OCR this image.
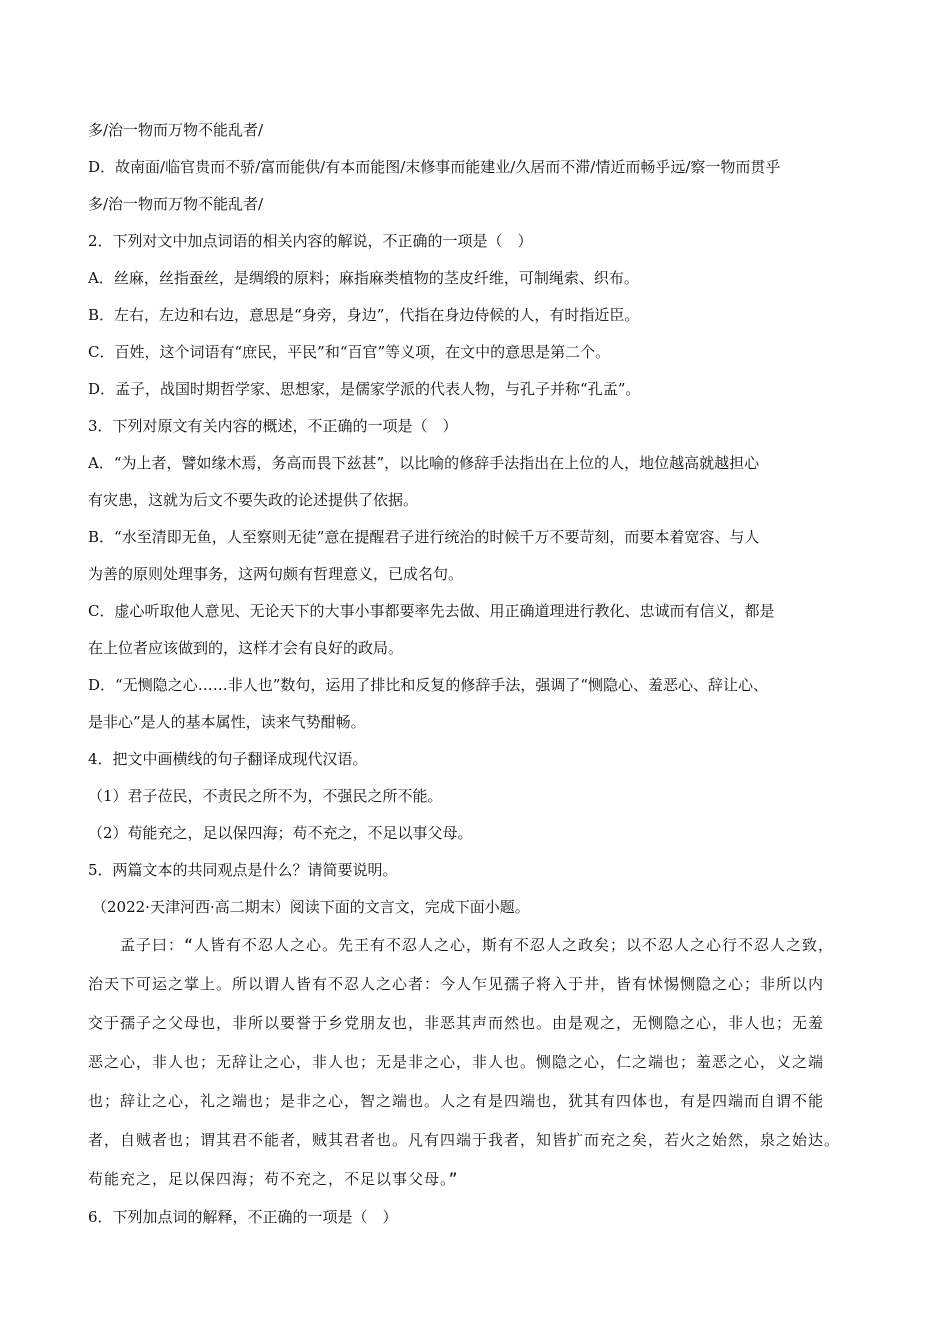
多/治一物而万物不能乱者/
D．故南面/临官贵而不骄/富而能供/有本而能图/末修事而能建业/久居而不滞/情近而畅乎远/察一物而贯乎
多/治一物而万物不能乱者/
2．下列对文中加点词语的相关内容的解说，不正确的一项是（　）
A．丝麻，丝指蚕丝，是绸缎的原料；麻指麻类植物的茎皮纤维，可制绳索、织布。
B．左右，左边和右边，意思是“身旁，身边”，代指在身边侍候的人，有时指近臣。
C．百姓，这个词语有“庶民，平民”和“百官”等义项，在文中的意思是第二个。
D．孟子，战国时期哲学家、思想家，是儒家学派的代表人物，与孔子并称“孔孟”。
3．下列对原文有关内容的概述，不正确的一项是（　）
A．“为上者，譬如缘木焉，务高而畏下兹甚”，以比喻的修辞手法指出在上位的人，地位越高就越担心
有灾患，这就为后文不要失政的论述提供了依据。
B．“水至清即无鱼，人至察则无徒”意在提醒君子进行统治的时候千万不要苛刻，而要本着宽容、与人
为善的原则处理事务，这两句颇有哲理意义，已成名句。
C．虚心听取他人意见、无论天下的大事小事都要率先去做、用正确道理进行教化、忠诚而有信义，都是
在上位者应该做到的，这样才会有良好的政局。
D．“无恻隐之心……非人也”数句，运用了排比和反复的修辞手法，强调了“恻隐心、羞恶心、辞让心、
是非心”是人的基本属性，读来气势酣畅。
4．把文中画横线的句子翻译成现代汉语。
（1）君子莅民，不责民之所不为，不强民之所不能。
（2）苟能充之，足以保四海；苟不充之，不足以事父母。
5．两篇文本的共同观点是什么？请简要说明。
（2022·天津河西·高二期末）阅读下面的文言文，完成下面小题。
孟子曰：“人皆有不忍人之心。先王有不忍人之心，斯有不忍人之政矣；以不忍人之心行不忍人之致，
治天下可运之掌上。所以谓人皆有不忍人之心者：今人乍见孺子将入于井，皆有怵惕恻隐之心；非所以内
交于孺子之父母也，非所以要誉于乡党朋友也，非恶其声而然也。由是观之，无恻隐之心，非人也；无羞
恶之心，非人也；无辞让之心，非人也；无是非之心，非人也。恻隐之心，仁之端也；羞恶之心，义之端
也；辞让之心，礼之端也；是非之心，智之端也。人之有是四端也，犹其有四体也，有是四端而自谓不能
者，自贼者也；谓其君不能者，贼其君者也。凡有四端于我者，知皆扩而充之矣，若火之始然，泉之始达。
苟能充之，足以保四海；苟不充之，不足以事父母。”
6．下列加点词的解释，不正确的一项是（　）
